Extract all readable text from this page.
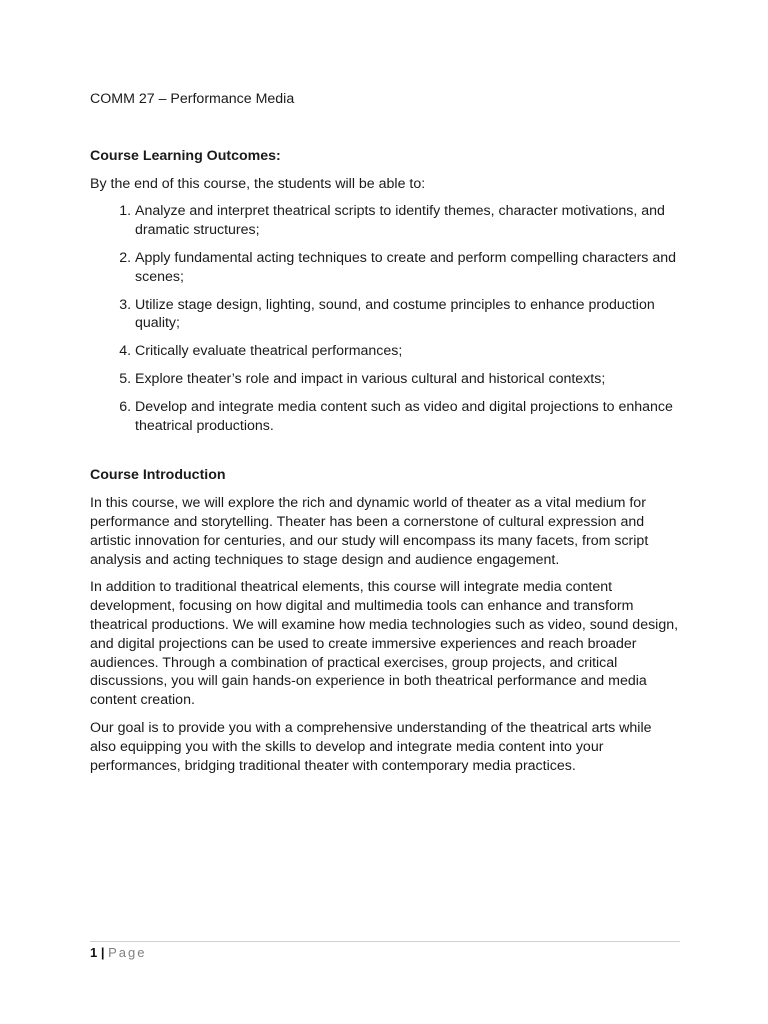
COMM 27 – Performance Media
Course Learning Outcomes:

By the end of this course, the students will be able to:

1. Analyze and interpret theatrical scripts to identify themes, character motivations, and dramatic structures;
2. Apply fundamental acting techniques to create and perform compelling characters and scenes;
3. Utilize stage design, lighting, sound, and costume principles to enhance production quality;
4. Critically evaluate theatrical performances;
5. Explore theater’s role and impact in various cultural and historical contexts;
6. Develop and integrate media content such as video and digital projections to enhance theatrical productions.
Course Introduction

In this course, we will explore the rich and dynamic world of theater as a vital medium for performance and storytelling. Theater has been a cornerstone of cultural expression and artistic innovation for centuries, and our study will encompass its many facets, from script analysis and acting techniques to stage design and audience engagement.

In addition to traditional theatrical elements, this course will integrate media content development, focusing on how digital and multimedia tools can enhance and transform theatrical productions. We will examine how media technologies such as video, sound design, and digital projections can be used to create immersive experiences and reach broader audiences. Through a combination of practical exercises, group projects, and critical discussions, you will gain hands-on experience in both theatrical performance and media content creation.

Our goal is to provide you with a comprehensive understanding of the theatrical arts while also equipping you with the skills to develop and integrate media content into your performances, bridging traditional theater with contemporary media practices.

1 | Page
